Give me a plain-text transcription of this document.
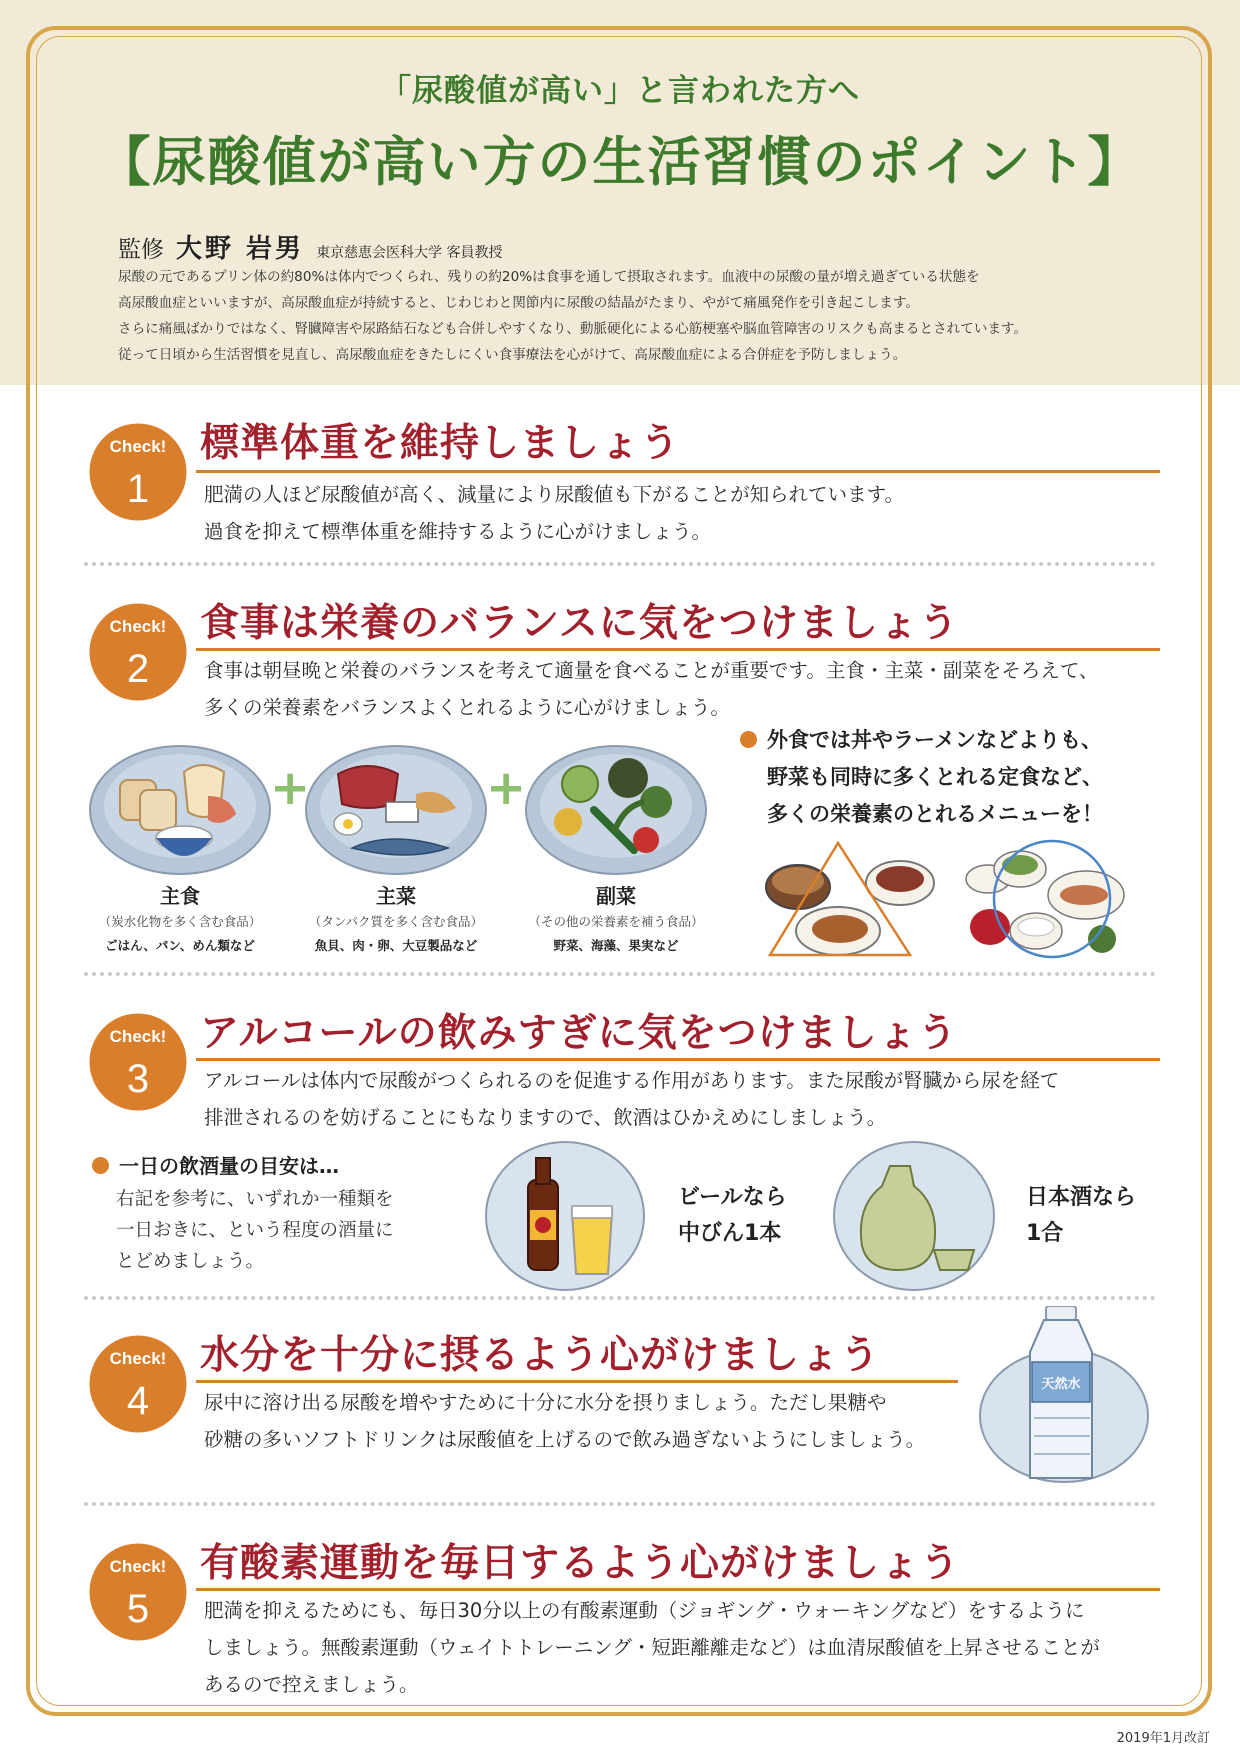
「尿酸値が高い」と言われた方へ
【尿酸値が高い方の生活習慣のポイント】
監修 大野 岩男 東京慈恵会医科大学 客員教授

尿酸の元であるプリン体の約80%は体内でつくられ、残りの約20%は食事を通して摂取されます。血液中の尿酸の量が増え過ぎている状態を

高尿酸血症といいますが、高尿酸血症が持続すると、じわじわと関節内に尿酸の結晶がたまり、やがて痛風発作を引き起こします。

さらに痛風ばかりではなく、腎臓障害や尿路結石なども合併しやすくなり、動脈硬化による心筋梗塞や脳血管障害のリスクも高まるとされています。

従って日頃から生活習慣を見直し、高尿酸血症をきたしにくい食事療法を心がけて、高尿酸血症による合併症を予防しましょう。

Check!
1
標準体重を維持しましょう

肥満の人ほど尿酸値が高く、減量により尿酸値も下がることが知られています。

過食を抑えて標準体重を維持するように心がけましょう。

Check!
2
食事は栄養のバランスに気をつけましょう

食事は朝昼晩と栄養のバランスを考えて適量を食べることが重要です。主食・主菜・副菜をそろえて、

多くの栄養素をバランスよくとれるように心がけましょう。

+	+
主食
（炭水化物を多く含む食品）
ごはん、パン、めん類など
主菜
（タンパク質を多く含む食品）
魚貝、肉・卵、大豆製品など
副菜
（その他の栄養素を補う食品）
野菜、海藻、果実など

外食では丼やラーメンなどよりも、

野菜も同時に多くとれる定食など、

多くの栄養素のとれるメニューを！

Check!
3
アルコールの飲みすぎに気をつけましょう

アルコールは体内で尿酸がつくられるのを促進する作用があります。また尿酸が腎臓から尿を経て

排泄されるのを妨げることにもなりますので、飲酒はひかえめにしましょう。

一日の飲酒量の目安は…

右記を参考に、いずれか一種類を

一日おきに、という程度の酒量に

とどめましょう。

ビールなら

中びん1本

日本酒なら

1合

Check!
4
水分を十分に摂るよう心がけましょう

尿中に溶け出る尿酸を増やすために十分に水分を摂りましょう。ただし果糖や

砂糖の多いソフトドリンクは尿酸値を上げるので飲み過ぎないようにしましょう。

天然水
Check!
5
有酸素運動を毎日するよう心がけましょう

肥満を抑えるためにも、毎日30分以上の有酸素運動（ジョギング・ウォーキングなど）をするように

しましょう。無酸素運動（ウェイトトレーニング・短距離離走など）は血清尿酸値を上昇させることが

あるので控えましょう。

2019年1月改訂
